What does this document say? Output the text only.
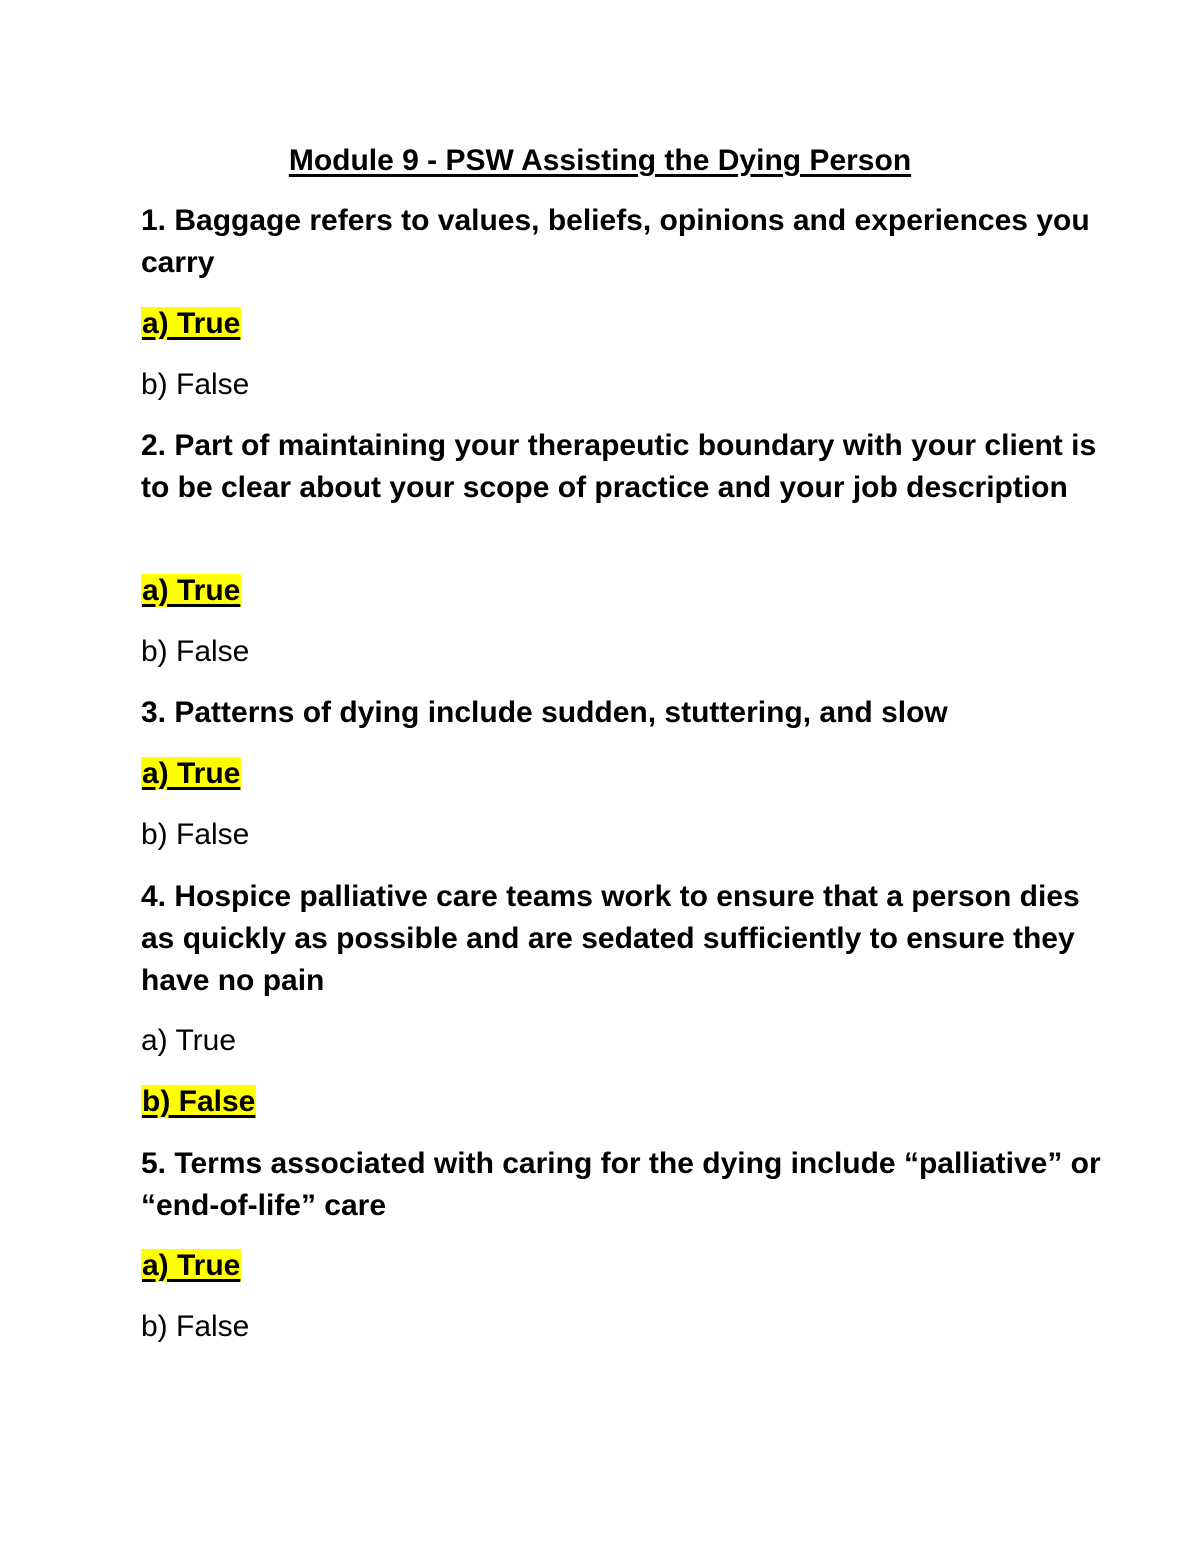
Module 9 - PSW Assisting the Dying Person

1. Baggage refers to values, beliefs, opinions and experiences you carry

a) True

b) False

2. Part of maintaining your therapeutic boundary with your client is to be clear about your scope of practice and your job description

a) True

b) False

3. Patterns of dying include sudden, stuttering, and slow

a) True

b) False

4. Hospice palliative care teams work to ensure that a person dies as quickly as possible and are sedated sufficiently to ensure they have no pain

a) True

b) False

5. Terms associated with caring for the dying include “palliative” or “end-of-life” care

a) True

b) False
